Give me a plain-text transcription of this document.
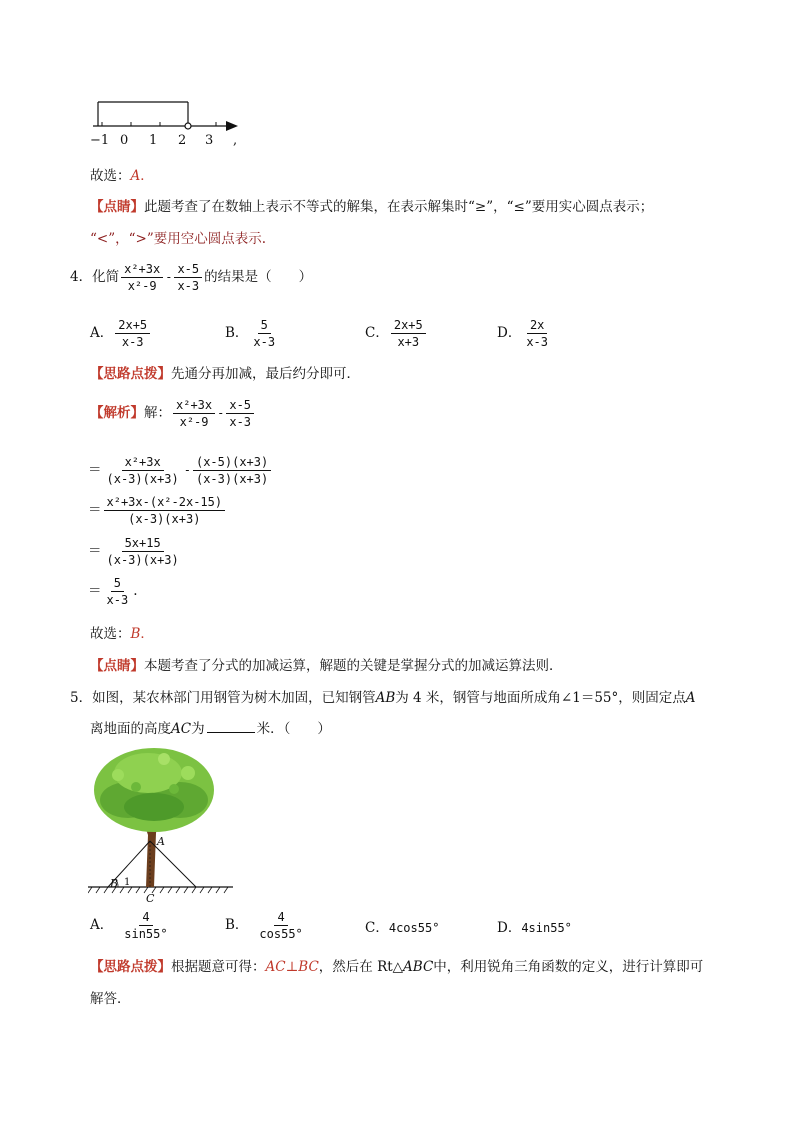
−1 0 1 2 3 ,
故选：A．
【点睛】此题考查了在数轴上表示不等式的解集，在表示解集时“≥”，“≤”要用实心圆点表示；
“<”，“>”要用空心圆点表示.
4．化简 $\frac{\text{x²+3x}}{\text{x²-9}} - \frac{x-5}{x-3}$ 的结果是（　　）
A． $\frac{2x+5}{x-3}$	B． $\frac{5}{x-3}$	C． $\frac{2x+5}{x+3}$	D． $\frac{2x}{x-3}$
【思路点拨】先通分再加减，最后约分即可．
【解析】解： $\frac{\text{x²+3x}}{\text{x²-9}} - \frac{x-5}{x-3}$
＝ $\frac{\text{x²+3x}}{(x-3)(x+3)} - \frac{(x-5)(x+3)}{(x-3)(x+3)}$
＝ $\frac{\text{x²+3x-(x²-2x-15)}}{(x-3)(x+3)}$
＝ $\frac{5x+15}{(x-3)(x+3)}$
＝ $\frac{5}{x-3}$ .
故选：B．
【点睛】本题考查了分式的加减运算，解题的关键是掌握分式的加减运算法则．
5．如图，某农林部门用钢管为树木加固，已知钢管AB为 4 米，钢管与地面所成角∠1＝55°，则固定点A
离地面的高度AC为	米．（　　）
A
B 1
C
A． $\frac{4}{\sin 55^\circ}$	B． $\frac{4}{\cos 55^\circ}$	C．4cos55°	D．4sin55°
【思路点拨】根据题意可得：AC⊥BC，然后在 Rt△ABC中，利用锐角三角函数的定义，进行计算即可
解答．
